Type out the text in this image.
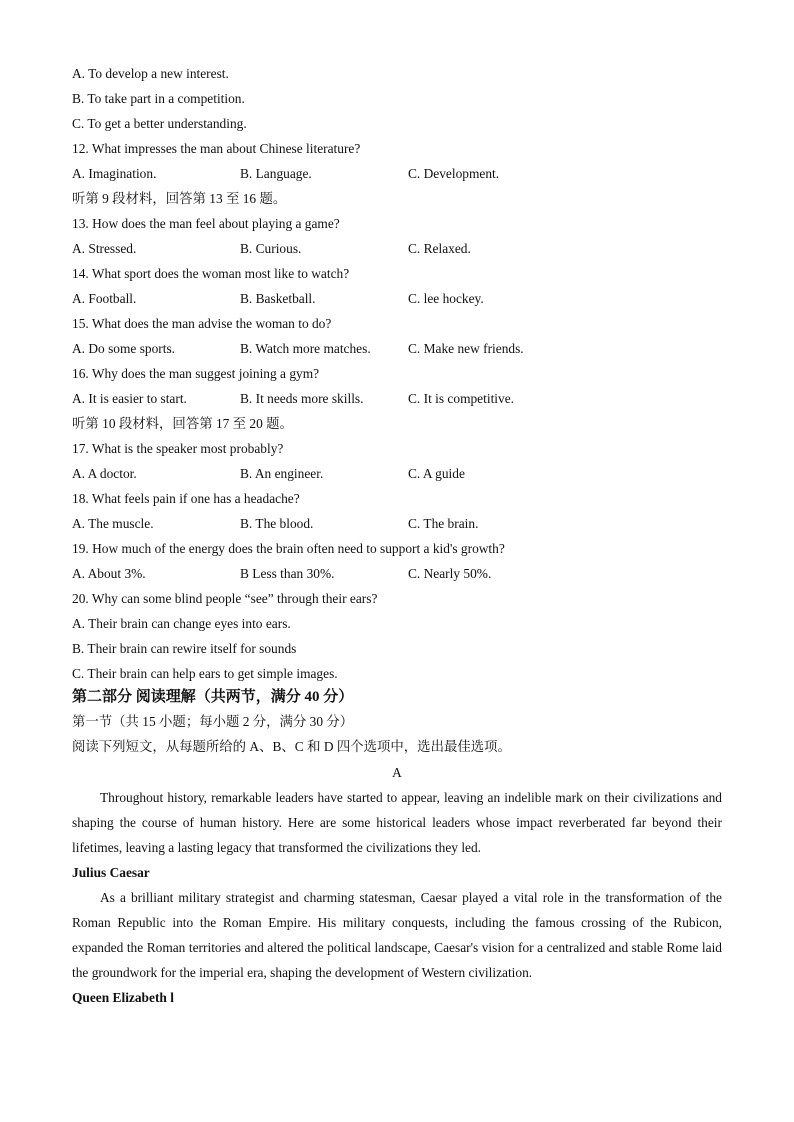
A. To develop a new interest.
B. To take part in a competition.
C. To get a better understanding.
12. What impresses the man about Chinese literature?
A. Imagination.	B. Language.	C. Development.
听第 9 段材料，回答第 13 至 16 题。
13. How does the man feel about playing a game?
A. Stressed.	B. Curious.	C. Relaxed.
14. What sport does the woman most like to watch?
A. Football.	B. Basketball.	C. lee hockey.
15. What does the man advise the woman to do?
A. Do some sports.	B. Watch more matches.	C. Make new friends.
16. Why does the man suggest joining a gym?
A. It is easier to start.	B. It needs more skills.	C. It is competitive.
听第 10 段材料，回答第 17 至 20 题。
17. What is the speaker most probably?
A. A doctor.	B. An engineer.	C. A guide
18. What feels pain if one has a headache?
A. The muscle.	B. The blood.	C. The brain.
19. How much of the energy does the brain often need to support a kid's growth?
A. About 3%.	B Less than 30%.	C. Nearly 50%.
20. Why can some blind people “see” through their ears?
A. Their brain can change eyes into ears.
B. Their brain can rewire itself for sounds
C. Their brain can help ears to get simple images.
第二部分 阅读理解（共两节，满分 40 分）
第一节（共 15 小题；每小题 2 分，满分 30 分）
阅读下列短文，从每题所给的 A、B、C 和 D 四个选项中，选出最佳选项。
A
Throughout history, remarkable leaders have started to appear, leaving an indelible mark on their civilizations and shaping the course of human history. Here are some historical leaders whose impact reverberated far beyond their lifetimes, leaving a lasting legacy that transformed the civilizations they led.
Julius Caesar
As a brilliant military strategist and charming statesman, Caesar played a vital role in the transformation of the Roman Republic into the Roman Empire. His military conquests, including the famous crossing of the Rubicon, expanded the Roman territories and altered the political landscape, Caesar's vision for a centralized and stable Rome laid the groundwork for the imperial era, shaping the development of Western civilization.
Queen Elizabeth l
